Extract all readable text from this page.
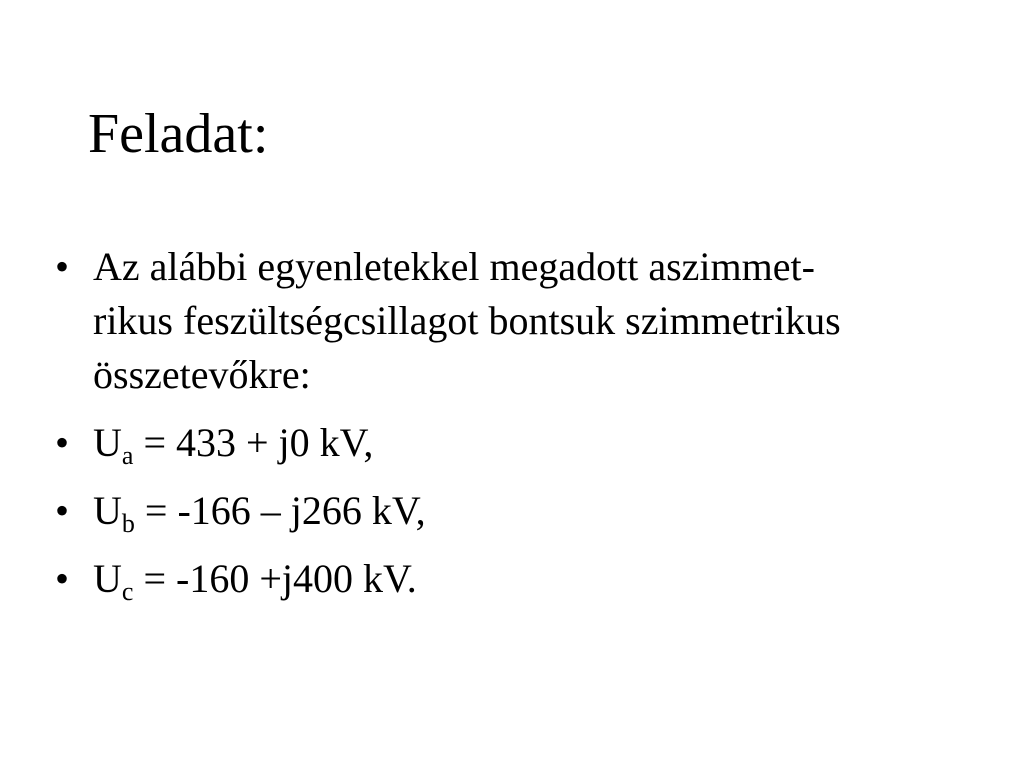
Feladat:
• Az alábbi egyenletekkel megadott aszimmet-
rikus feszültségcsillagot bontsuk szimmetrikus
összetevőkre:
• $U_a = 433 + j0$ kV,
• $U_b = -166 - j266$ kV,
• $U_c = -160 +j400$ kV.
